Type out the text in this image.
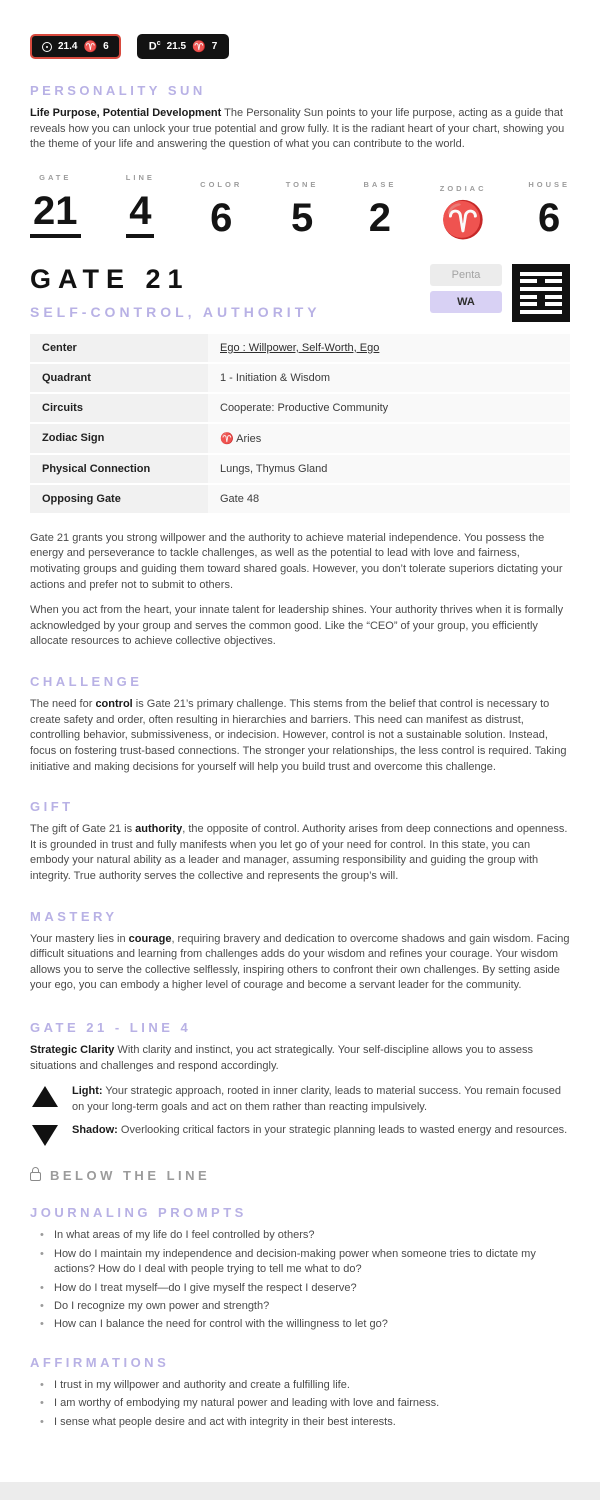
21.4 ♈ 6	$D^c$ 21.5 ♈ 7
PERSONALITY SUN

Life Purpose, Potential Development The Personality Sun points to your life purpose, acting as a guide that reveals how you can unlock your true potential and grow fully. It is the radiant heart of your chart, showing you the theme of your life and answering the question of what you can contribute to the world.

GATE
21
LINE
4
COLOR
6
TONE
5
BASE
2
ZODIAC
♈
HOUSE
6
GATE 21
SELF-CONTROL, AUTHORITY
Penta
WA
Center	Ego : Willpower, Self-Worth, Ego
Quadrant	1 - Initiation & Wisdom
Circuits	Cooperate: Productive Community
Zodiac Sign	♈ Aries
Physical Connection	Lungs, Thymus Gland
Opposing Gate	Gate 48

Gate 21 grants you strong willpower and the authority to achieve material independence. You possess the energy and perseverance to tackle challenges, as well as the potential to lead with love and fairness, motivating groups and guiding them toward shared goals. However, you don’t tolerate superiors dictating your actions and prefer not to submit to others.

When you act from the heart, your innate talent for leadership shines. Your authority thrives when it is formally acknowledged by your group and serves the common good. Like the “CEO” of your group, you efficiently allocate resources to achieve collective objectives.

CHALLENGE

The need for control is Gate 21’s primary challenge. This stems from the belief that control is necessary to create safety and order, often resulting in hierarchies and barriers. This need can manifest as distrust, controlling behavior, submissiveness, or indecision. However, control is not a sustainable solution. Instead, focus on fostering trust-based connections. The stronger your relationships, the less control is required. Taking initiative and making decisions for yourself will help you build trust and overcome this challenge.

GIFT

The gift of Gate 21 is authority, the opposite of control. Authority arises from deep connections and openness. It is grounded in trust and fully manifests when you let go of your need for control. In this state, you can embody your natural ability as a leader and manager, assuming responsibility and guiding the group with integrity. True authority serves the collective and represents the group’s will.

MASTERY

Your mastery lies in courage, requiring bravery and dedication to overcome shadows and gain wisdom. Facing difficult situations and learning from challenges adds do your wisdom and refines your courage. Your wisdom allows you to serve the collective selflessly, inspiring others to confront their own challenges. By setting aside your ego, you can embody a higher level of courage and become a servant leader for the community.

GATE 21 - LINE 4

Strategic Clarity With clarity and instinct, you act strategically. Your self-discipline allows you to assess situations and challenges and respond accordingly.

Light: Your strategic approach, rooted in inner clarity, leads to material success. You remain focused on your long-term goals and act on them rather than reacting impulsively.

Shadow: Overlooking critical factors in your strategic planning leads to wasted energy and resources.

BELOW THE LINE
JOURNALING PROMPTS
• In what areas of my life do I feel controlled by others?
• How do I maintain my independence and decision-making power when someone tries to dictate my actions? How do I deal with people trying to tell me what to do?
• How do I treat myself—do I give myself the respect I deserve?
• Do I recognize my own power and strength?
• How can I balance the need for control with the willingness to let go?
AFFIRMATIONS
• I trust in my willpower and authority and create a fulfilling life.
• I am worthy of embodying my natural power and leading with love and fairness.
• I sense what people desire and act with integrity in their best interests.
